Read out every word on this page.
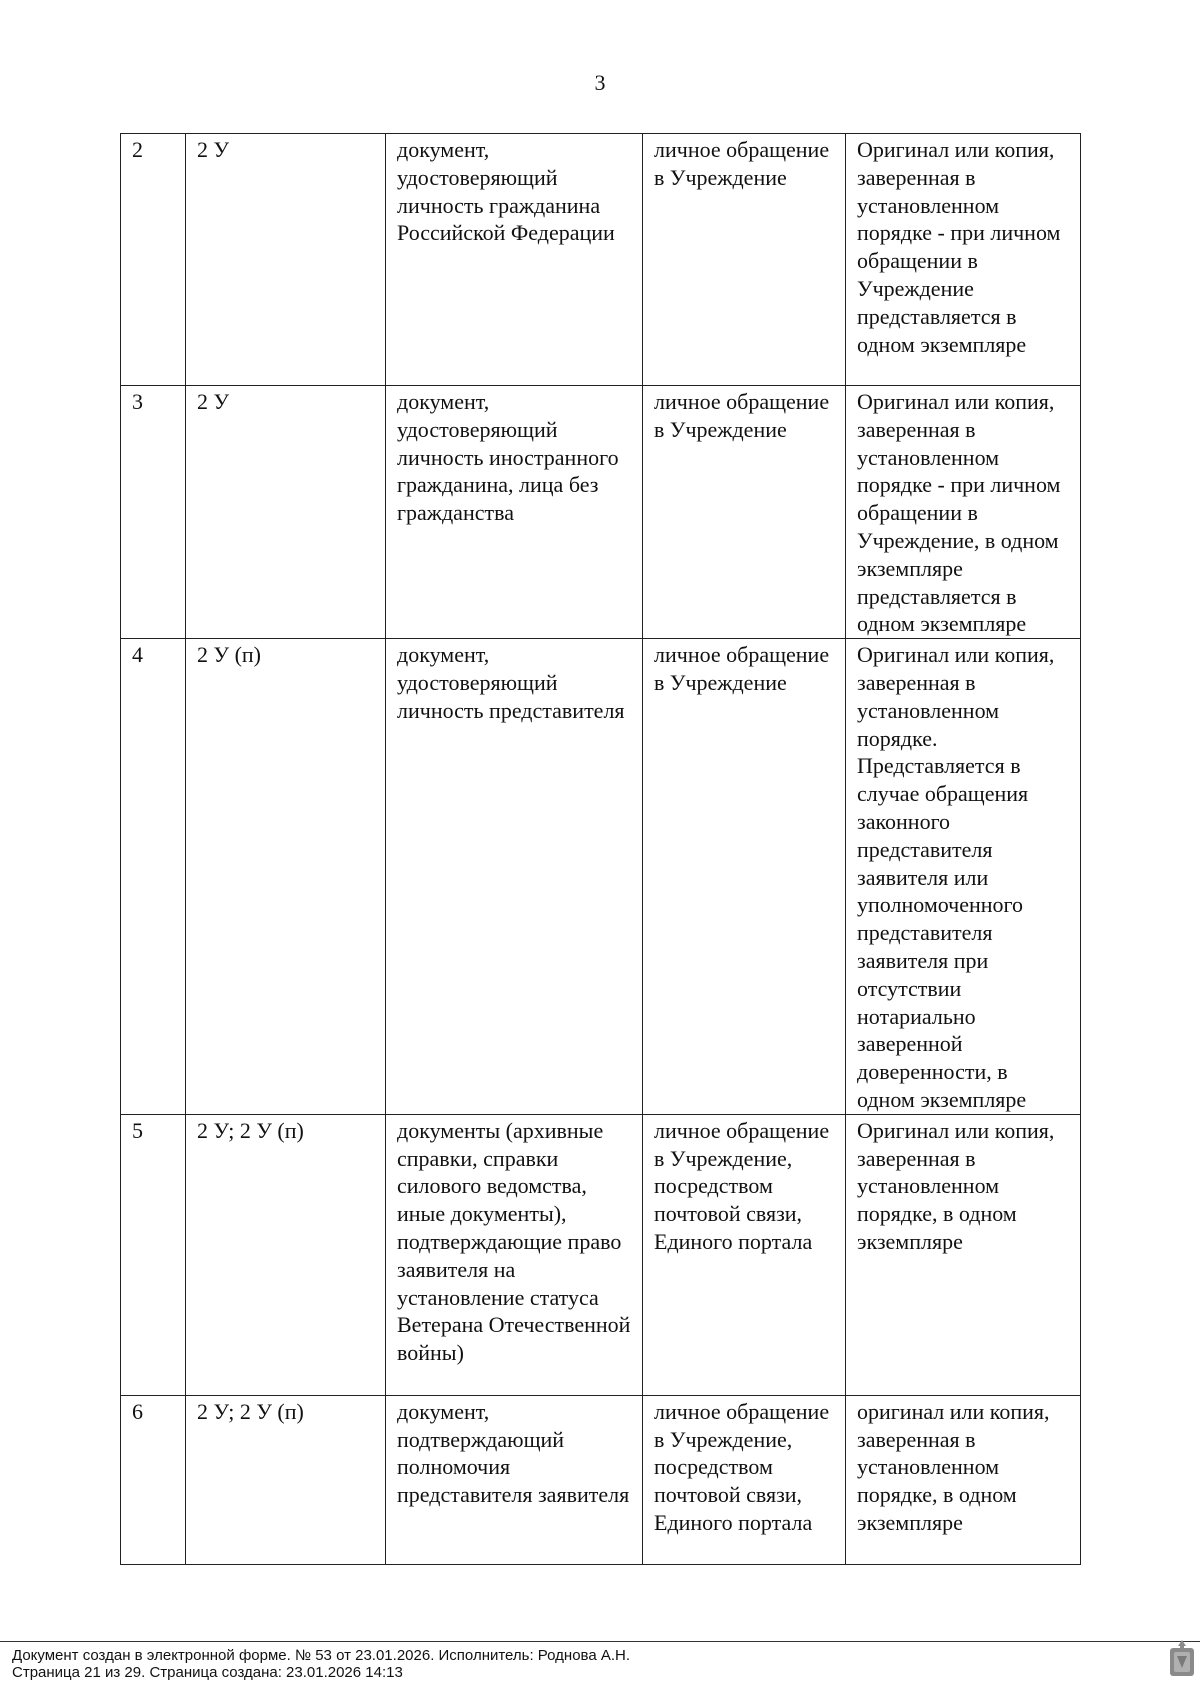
3
2	2 У	документ, удостоверяющий личность гражданина Российской Федерации	личное обращение в Учреждение	Оригинал или копия, заверенная в установленном порядке - при личном обращении в Учреждение представляется в одном экземпляре
3	2 У	документ, удостоверяющий личность иностранного гражданина, лица без гражданства	личное обращение в Учреждение	Оригинал или копия, заверенная в установленном порядке - при личном обращении в Учреждение, в одном экземпляре представляется в одном экземпляре
4	2 У (п)	документ, удостоверяющий личность представителя	личное обращение в Учреждение	Оригинал или копия, заверенная в установленном порядке. Представляется в случае обращения законного представителя заявителя или уполномоченного представителя заявителя при отсутствии нотариально заверенной доверенности, в одном экземпляре
5	2 У; 2 У (п)	документы (архивные справки, справки силового ведомства, иные документы), подтверждающие право заявителя на установление статуса Ветерана Отечественной войны)	личное обращение в Учреждение, посредством почтовой связи, Единого портала	Оригинал или копия, заверенная в установленном порядке, в одном экземпляре
6	2 У; 2 У (п)	документ, подтверждающий полномочия представителя заявителя	личное обращение в Учреждение, посредством почтовой связи, Единого портала	оригинал или копия, заверенная в установленном порядке, в одном экземпляре
Документ создан в электронной форме. № 53 от 23.01.2026. Исполнитель: Роднова А.Н.
Страница 21 из 29. Страница создана: 23.01.2026 14:13
